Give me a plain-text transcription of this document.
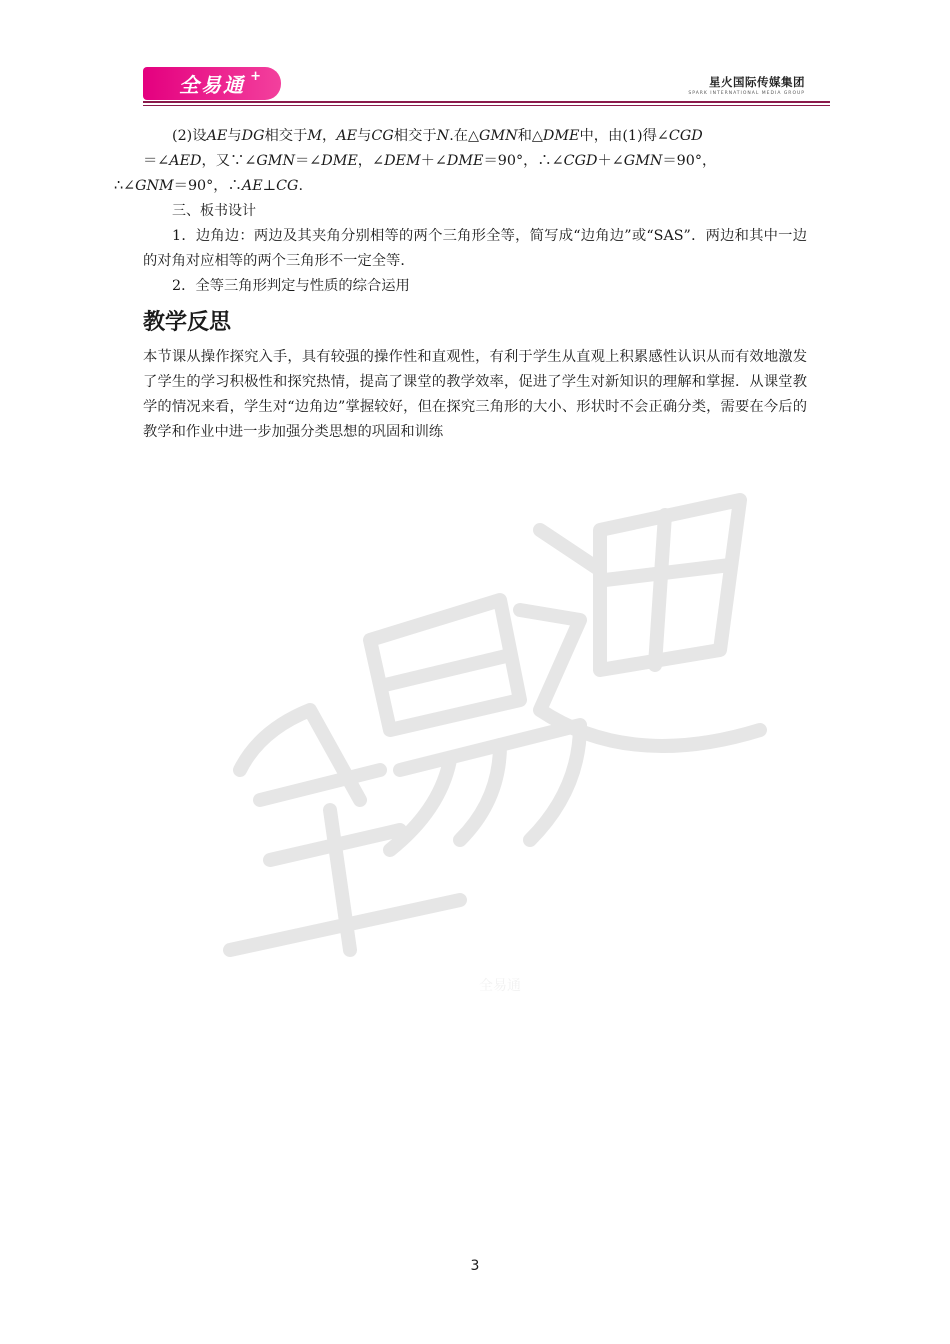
全易通 +	星火国际传媒集团
SPARK INTERNATIONAL MEDIA GROUP
全易通

(2)设AE与DG相交于M，AE与CG相交于N.在△GMN和△DME中，由(1)得∠CGD
＝∠AED，又∵∠GMN＝∠DME，∠DEM＋∠DME＝90°，∴∠CGD＋∠GMN＝90°，
∴∠GNM＝90°，∴AE⊥CG.

三、板书设计

1．边角边：两边及其夹角分别相等的两个三角形全等，简写成“边角边”或“SAS”．两边和其中一边的对角对应相等的两个三角形不一定全等．

2．全等三角形判定与性质的综合运用

教学反思

本节课从操作探究入手，具有较强的操作性和直观性，有利于学生从直观上积累感性认识从而有效地激发了学生的学习积极性和探究热情，提高了课堂的教学效率，促进了学生对新知识的理解和掌握．从课堂教学的情况来看，学生对“边角边”掌握较好，但在探究三角形的大小、形状时不会正确分类，需要在今后的教学和作业中进一步加强分类思想的巩固和训练

3
